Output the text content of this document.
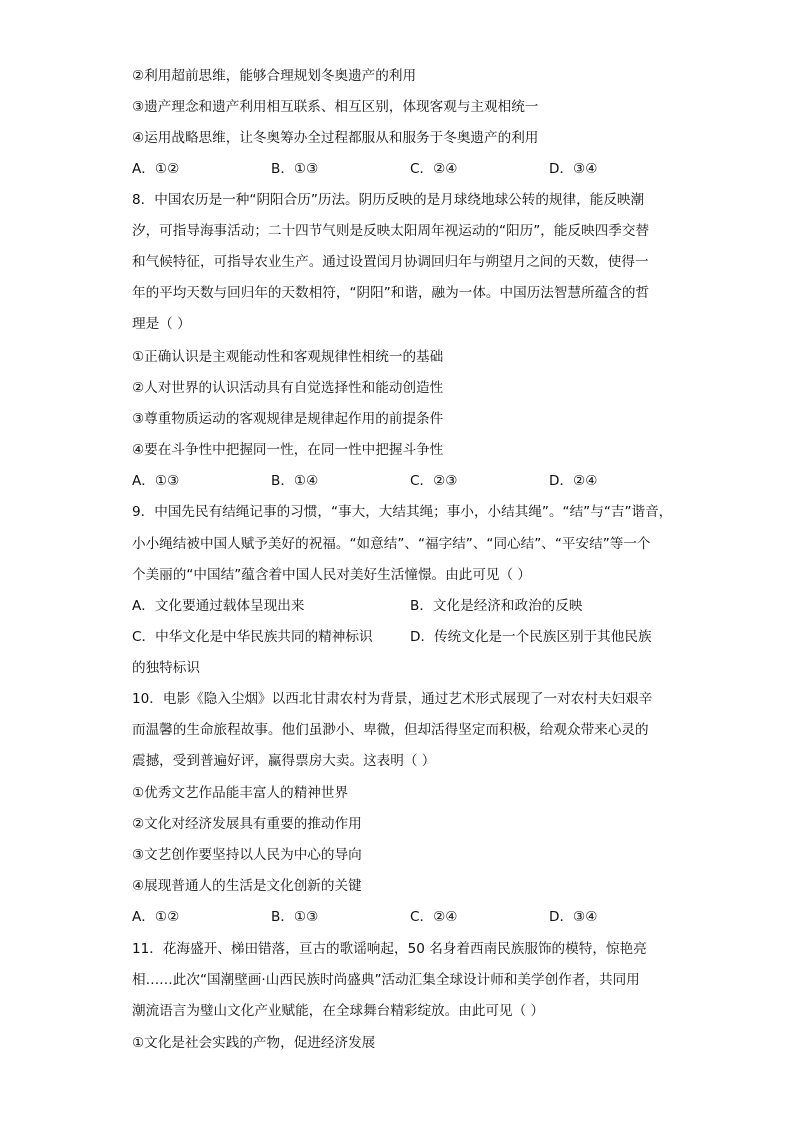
②利用超前思维，能够合理规划冬奥遗产的利用
③遗产理念和遗产利用相互联系、相互区别，体现客观与主观相统一
④运用战略思维，让冬奥筹办全过程都服从和服务于冬奥遗产的利用
A．①②	B．①③	C．②④	D．③④
8．中国农历是一种“阴阳合历”历法。阴历反映的是月球绕地球公转的规律，能反映潮
汐，可指导海事活动；二十四节气则是反映太阳周年视运动的“阳历”，能反映四季交替
和气候特征，可指导农业生产。通过设置闰月协调回归年与朔望月之间的天数，使得一
年的平均天数与回归年的天数相符，“阴阳”和谐，融为一体。中国历法智慧所蕴含的哲
理是（ ）
①正确认识是主观能动性和客观规律性相统一的基础
②人对世界的认识活动具有自觉选择性和能动创造性
③尊重物质运动的客观规律是规律起作用的前提条件
④要在斗争性中把握同一性，在同一性中把握斗争性
A．①③	B．①④	C．②③	D．②④
9．中国先民有结绳记事的习惯，“事大，大结其绳；事小，小结其绳”。“结”与“吉”谐音，
小小绳结被中国人赋予美好的祝福。“如意结”、“福字结”、“同心结”、“平安结”等一个
个美丽的“中国结”蕴含着中国人民对美好生活憧憬。由此可见（ ）
A．文化要通过载体呈现出来	B．文化是经济和政治的反映
C．中华文化是中华民族共同的精神标识	D．传统文化是一个民族区别于其他民族
的独特标识
10．电影《隐入尘烟》以西北甘肃农村为背景，通过艺术形式展现了一对农村夫妇艰辛
而温馨的生命旅程故事。他们虽渺小、卑微，但却活得坚定而积极，给观众带来心灵的
震撼，受到普遍好评，赢得票房大卖。这表明（ ）
①优秀文艺作品能丰富人的精神世界
②文化对经济发展具有重要的推动作用
③文艺创作要坚持以人民为中心的导向
④展现普通人的生活是文化创新的关键
A．①②	B．①③	C．②④	D．③④
11．花海盛开、梯田错落，亘古的歌谣响起，50 名身着西南民族服饰的模特，惊艳亮
相……此次“国潮壁画·山西民族时尚盛典”活动汇集全球设计师和美学创作者，共同用
潮流语言为璧山文化产业赋能，在全球舞台精彩绽放。由此可见（ ）
①文化是社会实践的产物，促进经济发展
